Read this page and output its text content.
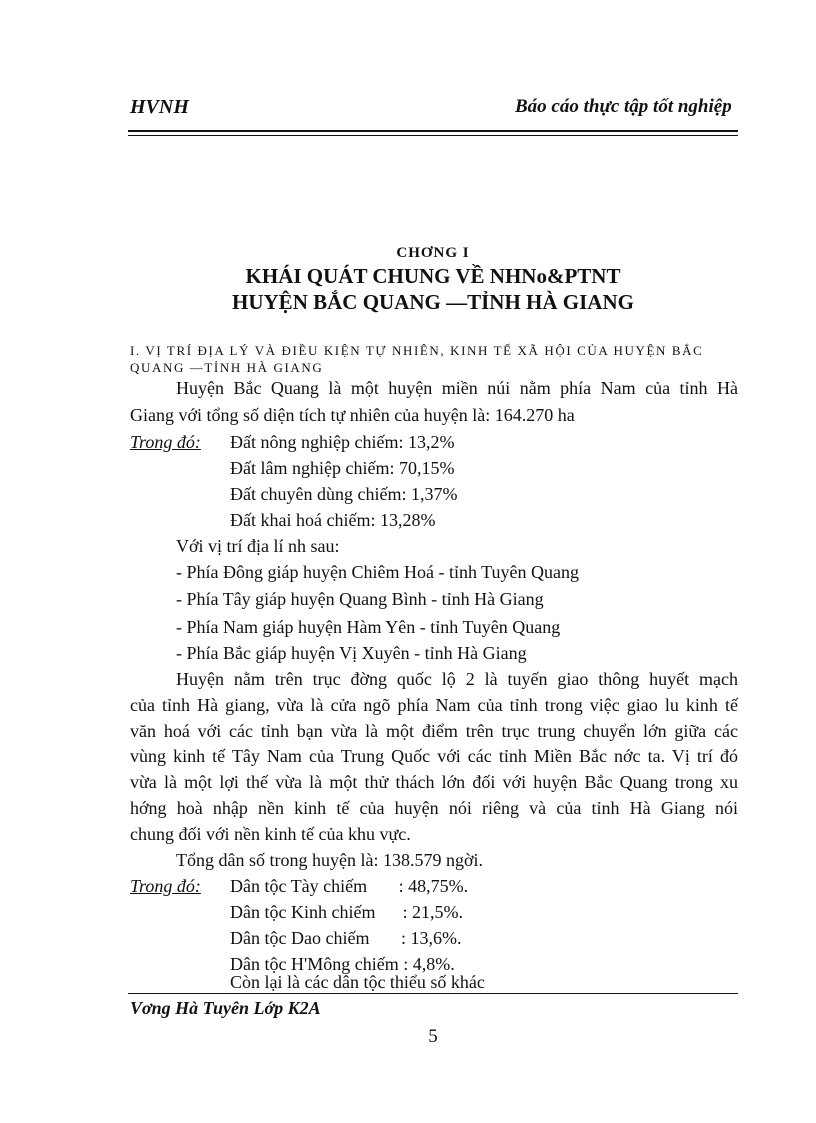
HVNH	Báo cáo thực tập tốt nghiệp
CHƠNG I
KHÁI QUÁT CHUNG VỀ NHNo&PTNT
HUYỆN BẮC QUANG —TỈNH HÀ GIANG
I. VỊ TRÍ ĐỊA LÝ VÀ ĐIỀU KIỆN TỰ NHIÊN, KINH TẾ XÃ HỘI CỦA HUYỆN BẮC
QUANG —TỈNH HÀ GIANG
Huyện Bắc Quang là một huyện miền núi nằm phía Nam của tỉnh Hà
Giang với tổng số diện tích tự nhiên của huyện là: 164.270 ha
Trong đó: Đất nông nghiệp chiếm: 13,2%
Đất lâm nghiệp chiếm: 70,15%
Đất chuyên dùng chiếm: 1,37%
Đất khai hoá chiếm: 13,28%
Với vị trí địa lí nh sau:
- Phía Đông giáp huyện Chiêm Hoá - tỉnh Tuyên Quang
- Phía Tây giáp huyện Quang Bình - tỉnh Hà Giang
- Phía Nam giáp huyện Hàm Yên - tỉnh Tuyên Quang
- Phía Bắc giáp huyện Vị Xuyên - tỉnh Hà Giang
Huyện nằm trên trục đờng quốc lộ 2 là tuyến giao thông huyết mạch
của tỉnh Hà giang, vừa là cửa ngõ phía Nam của tỉnh trong việc giao lu kinh tế
văn hoá với các tỉnh bạn vừa là một điểm trên trục trung chuyển lớn giữa các
vùng kinh tế Tây Nam của Trung Quốc với các tỉnh Miền Bắc nớc ta. Vị trí đó
vừa là một lợi thế vừa là một thử thách lớn đối với huyện Bắc Quang trong xu
hớng hoà nhập nền kinh tế của huyện nói riêng và của tỉnh Hà Giang nói
chung đối với nền kinh tế của khu vực.
Tổng dân số trong huyện là: 138.579 ngời.
Trong đó: Dân tộc Tày chiếm       : 48,75%.
Dân tộc Kinh chiếm      : 21,5%.
Dân tộc Dao chiếm       : 13,6%.
Dân tộc H'Mông chiếm : 4,8%.
Còn lại là các dân tộc thiểu số khác
Vơng Hà Tuyên Lớp K2A
5
